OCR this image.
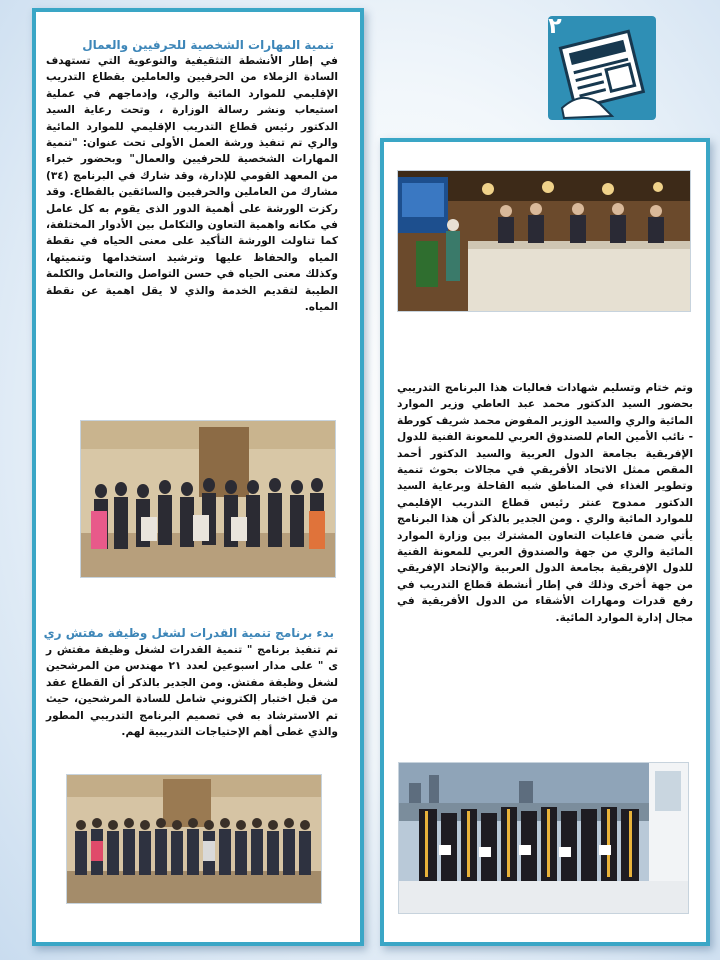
٢
تنمية المهارات الشخصية للحرفيين والعمال

في إطار الأنشطة التثقيفية والتوعوية التي تستهدف السادة الزملاء من الحرفيين والعاملين بقطاع التدريب الإقليمي للموارد المائية والري، وإدماجهم في عملية استيعاب ونشر رسالة الوزارة ، وتحت رعاية السيد الدكتور رئيس قطاع التدريب الإقليمي للموارد المائية والري تم تنفيذ ورشة العمل الأولى تحت عنوان: "تنمية المهارات الشخصية للحرفيين والعمال" وبحضور خبراء من المعهد القومي للإدارة، وقد شارك في البرنامج (٣٤) مشارك من العاملين والحرفيين والسائقين بالقطاع. وقد ركزت الورشة على أهمية الدور الذى يقوم به كل عامل في مكانه واهمية التعاون والتكامل بين الأدوار المختلفة، كما تناولت الورشة التأكيد على معنى الحياه في نقطة المياه والحفاظ عليها وترشيد استخدامها وتنميتها، وكذلك معنى الحياه في حسن التواصل والتعامل والكلمة الطيبة لتقديم الخدمة والذي لا يقل اهمية عن نقطة المياه.

بدء برنامج تنمية القدرات لشغل وظيفة مفتش ري

تم تنفيذ برنامج " تنمية القدرات لشغل وظيفة مفتش ر ى " على مدار اسبوعين لعدد ٢١ مهندس من المرشحين لشغل وظيفة مفتش. ومن الجدير بالذكر أن القطاع عقد من قبل اختبار إلكتروني شامل للسادة المرشحين، حيث تم الاسترشاد به في تصميم البرنامج التدريبي المطور والذي غطى أهم الإحتياجات التدريبية لهم.

وتم ختام وتسليم شهادات فعاليات هذا البرنامج التدريبي بحضور السيد الدكتور محمد عبد العاطي وزير الموارد المائية والري والسيد الوزير المفوض محمد شريف كورطة - نائب الأمين العام للصندوق العربي للمعونة الفنية للدول الإفريقية بجامعة الدول العربية والسيد الدكتور أحمد المقص ممثل الاتحاد الأفريقي في مجالات بحوث تنمية وتطوير الغذاء في المناطق شبه القاحلة وبرعاية السيد الدكتور ممدوح عنتر رئيس قطاع التدريب الإقليمي للموارد المائية والري . ومن الجدير بالذكر أن هذا البرنامج يأتي ضمن فاعليات التعاون المشترك بين وزارة الموارد المائية والري من جهة والصندوق العربي للمعونة الفنية للدول الإفريقية بجامعة الدول العربية والإتحاد الإفريقي من جهة أخرى وذلك في إطار أنشطة قطاع التدريب في رفع قدرات ومهارات الأشقاء من الدول الأفريقية في مجال إدارة الموارد المائية.
